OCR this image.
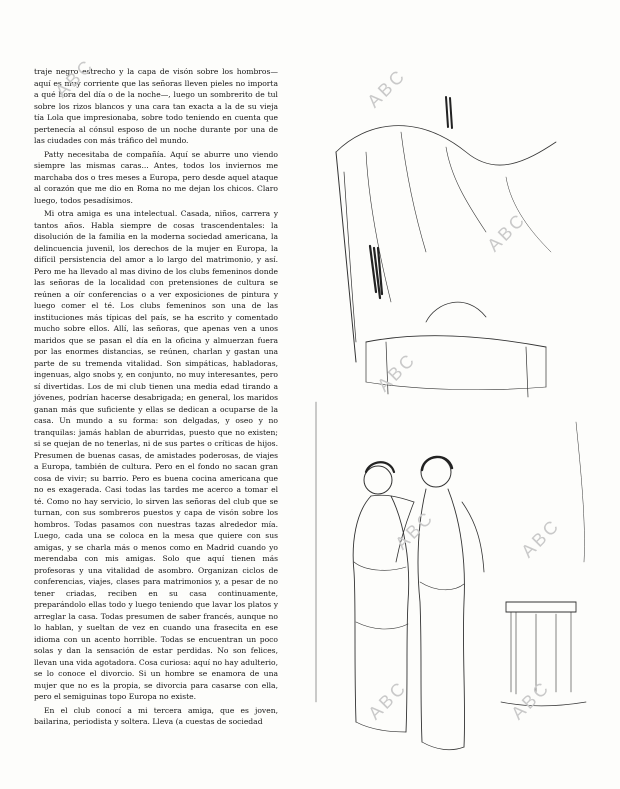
traje negro estrecho y la capa de visón sobre los hombros—aquí es muy corriente que las señoras lleven pieles no importa a qué hora del día o de la noche—, luego un sombrerito de tul sobre los rizos blancos y una cara tan exacta a la de su vieja tía Lola que impresionaba, sobre todo teniendo en cuenta que pertenecía al cónsul esposo de un noche durante por una de las ciudades con más tráfico del mundo.

Patty necesitaba de compañía. Aquí se aburre uno viendo siempre las mismas caras... Antes, todos los inviernos me marchaba dos o tres meses a Europa, pero desde aquel ataque al corazón que me dio en Roma no me dejan los chicos. Claro luego, todos pesadísimos.

Mi otra amiga es una intelectual. Casada, niños, carrera y tantos años. Habla siempre de cosas trascendentales: la disolución de la familia en la moderna sociedad americana, la delincuencia juvenil, los derechos de la mujer en Europa, la difícil persistencia del amor a lo largo del matrimonio, y así. Pero me ha llevado al mas divino de los clubs femeninos donde las señoras de la localidad con pretensiones de cultura se reúnen a oír conferencias o a ver exposiciones de pintura y luego comer el té. Los clubs femeninos son una de las instituciones más típicas del país, se ha escrito y comentado mucho sobre ellos. Allí, las señoras, que apenas ven a unos maridos que se pasan el día en la oficina y almuerzan fuera por las enormes distancias, se reúnen, charlan y gastan una parte de su tremenda vitalidad. Son simpáticas, habladoras, ingenuas, algo snobs y, en conjunto, no muy interesantes, pero sí divertidas. Los de mi club tienen una media edad tirando a jóvenes, podrían hacerse desabrigada; en general, los maridos ganan más que suficiente y ellas se dedican a ocuparse de la casa. Un mundo a su forma: son delgadas, y oseo y no tranquilas: jamás hablan de aburridas, puesto que no existen; si se quejan de no tenerlas, ni de sus partes o críticas de hijos. Presumen de buenas casas, de amistades poderosas, de viajes a Europa, también de cultura. Pero en el fondo no sacan gran cosa de vivir; su barrio. Pero es buena cocina americana que no es exagerada. Casi todas las tardes me acerco a tomar el té. Como no hay servicio, lo sirven las señoras del club que se turnan, con sus sombreros puestos y capa de visón sobre los hombros. Todas pasamos con nuestras tazas alrededor mía. Luego, cada una se coloca en la mesa que quiere con sus amigas, y se charla más o menos como en Madrid cuando yo merendaba con mis amigas. Solo que aquí tienen más profesoras y una vitalidad de asombro. Organizan ciclos de conferencias, viajes, clases para matrimonios y, a pesar de no tener criadas, reciben en su casa continuamente, preparándolo ellas todo y luego teniendo que lavar los platos y arreglar la casa. Todas presumen de saber francés, aunque no lo hablan, y sueltan de vez en cuando una frasecita en ese idioma con un acento horrible. Todas se encuentran un poco solas y dan la sensación de estar perdidas. No son felices, llevan una vida agotadora. Cosa curiosa: aquí no hay adulterio, se lo conoce el divorcio. Si un hombre se enamora de una mujer que no es la propia, se divorcia para casarse con ella, pero el semiguinas topo Europa no existe.

En el club conocí a mi tercera amiga, que es joven, bailarina, periodista y soltera. Lleva (a cuestas de sociedad

ABC	ABC
ABC
ABC
ABC	ABC
ABC	ABC
